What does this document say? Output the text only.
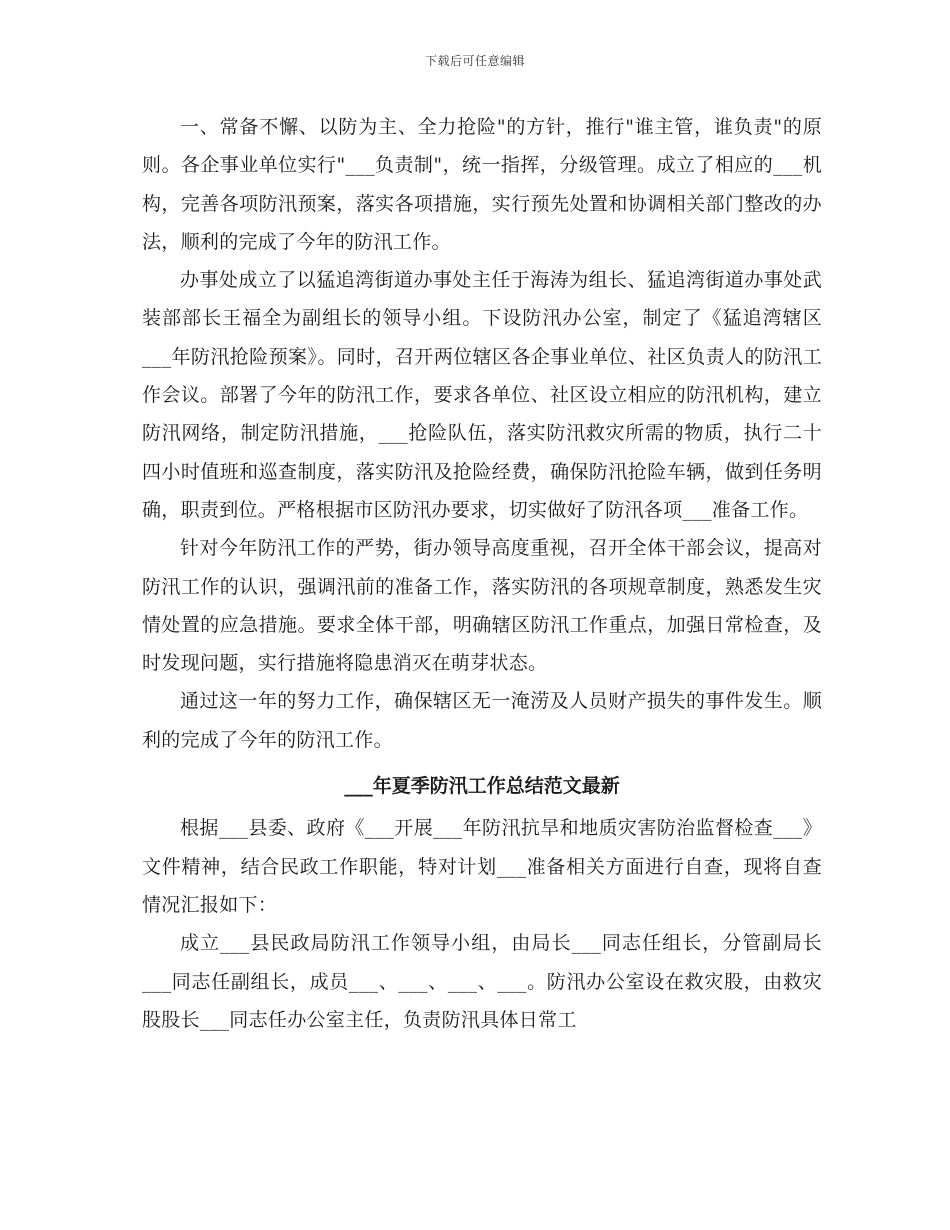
下载后可任意编辑

一、常备不懈、以防为主、全力抢险"的方针，推行"谁主管，谁负责"的原则。各企事业单位实行"___负责制"，统一指挥，分级管理。成立了相应的___机构，完善各项防汛预案，落实各项措施，实行预先处置和协调相关部门整改的办法，顺利的完成了今年的防汛工作。

办事处成立了以猛追湾街道办事处主任于海涛为组长、猛追湾街道办事处武装部部长王福全为副组长的领导小组。下设防汛办公室，制定了《猛追湾辖区___年防汛抢险预案》。同时，召开两位辖区各企事业单位、社区负责人的防汛工作会议。部署了今年的防汛工作，要求各单位、社区设立相应的防汛机构，建立防汛网络，制定防汛措施，___抢险队伍，落实防汛救灾所需的物质，执行二十四小时值班和巡查制度，落实防汛及抢险经费，确保防汛抢险车辆，做到任务明确，职责到位。严格根据市区防汛办要求，切实做好了防汛各项___准备工作。

针对今年防汛工作的严势，街办领导高度重视，召开全体干部会议，提高对防汛工作的认识，强调汛前的准备工作，落实防汛的各项规章制度，熟悉发生灾情处置的应急措施。要求全体干部，明确辖区防汛工作重点，加强日常检查，及时发现问题，实行措施将隐患消灭在萌芽状态。

通过这一年的努力工作，确保辖区无一淹涝及人员财产损失的事件发生。顺利的完成了今年的防汛工作。

___年夏季防汛工作总结范文最新

根据___县委、政府《___开展___年防汛抗旱和地质灾害防治监督检查___》文件精神，结合民政工作职能，特对计划___准备相关方面进行自查，现将自查情况汇报如下：

成立___县民政局防汛工作领导小组，由局长___同志任组长，分管副局长___同志任副组长，成员___、___、___、___。防汛办公室设在救灾股，由救灾股股长___同志任办公室主任，负责防汛具体日常工
